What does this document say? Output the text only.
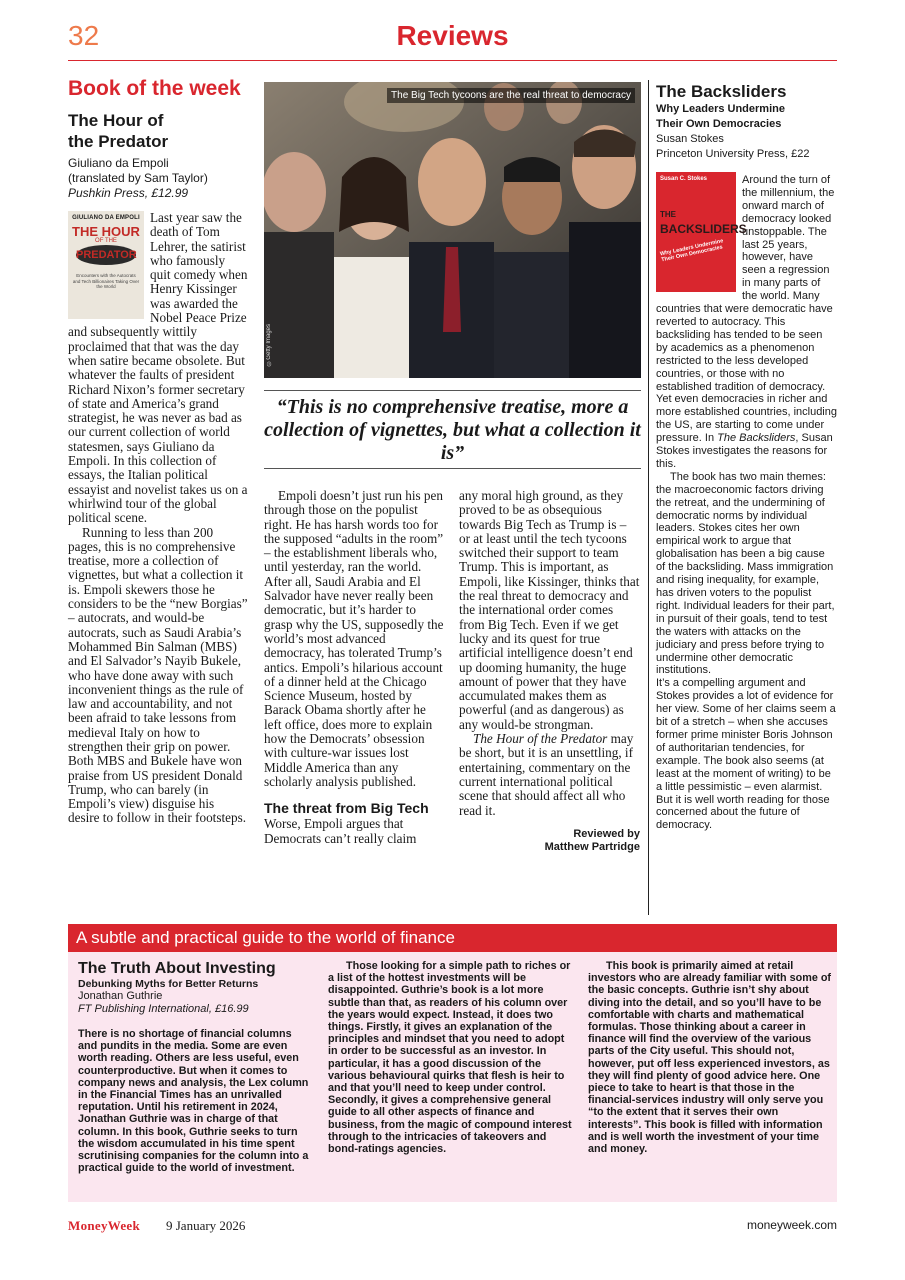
32	Reviews
Book of the week
The Hour of
the Predator
Giuliano da Empoli
(translated by Sam Taylor)
Pushkin Press, £12.99
GIULIANO DA EMPOLI
THE HOUR
OF THE
PREDATOR
Encounters with the Autocrats and Tech Billionaires Taking Over the World

Last year saw the death of Tom Lehrer, the satirist who famously quit comedy when Henry Kissinger was awarded the Nobel Peace Prize and subsequently wittily proclaimed that that was the day when satire became obsolete. But whatever the faults of president Richard Nixon’s former secretary of state and America’s grand strategist, he was never as bad as our current collection of world statesmen, says Giuliano da Empoli. In this collection of essays, the Italian political essayist and novelist takes us on a whirlwind tour of the global political scene.

Running to less than 200 pages, this is no comprehensive treatise, more a collection of vignettes, but what a collection it is. Empoli skewers those he considers to be the “new Borgias” – autocrats, and would-be autocrats, such as Saudi Arabia’s Mohammed Bin Salman (MBS) and El Salvador’s Nayib Bukele, who have done away with such inconvenient things as the rule of law and accountability, and not been afraid to take lessons from medieval Italy on how to strengthen their grip on power. Both MBS and Bukele have won praise from US president Donald Trump, who can barely (in Empoli’s view) disguise his desire to follow in their footsteps.

The Big Tech tycoons are the real threat to democracy
©Getty Images
“This is no comprehensive treatise, more a collection of vignettes, but what a collection it is”

Empoli doesn’t just run his pen through those on the populist right. He has harsh words too for the supposed “adults in the room” – the establishment liberals who, until yesterday, ran the world. After all, Saudi Arabia and El Salvador have never really been democratic, but it’s harder to grasp why the US, supposedly the world’s most advanced democracy, has tolerated Trump’s antics. Empoli’s hilarious account of a dinner held at the Chicago Science Museum, hosted by Barack Obama shortly after he left office, does more to explain how the Democrats’ obsession with culture-war issues lost Middle America than any scholarly analysis published.

The threat from Big Tech

Worse, Empoli argues that Democrats can’t really claim

any moral high ground, as they proved to be as obsequious towards Big Tech as Trump is – or at least until the tech tycoons switched their support to team Trump. This is important, as Empoli, like Kissinger, thinks that the real threat to democracy and the international order comes from Big Tech. Even if we get lucky and its quest for true artificial intelligence doesn’t end up dooming humanity, the huge amount of power that they have accumulated makes them as powerful (and as dangerous) as any would-be strongman.

The Hour of the Predator may be short, but it is an unsettling, if entertaining, commentary on the current international political scene that should affect all who read it.

Reviewed by
Matthew Partridge
The Backsliders
Why Leaders Undermine
Their Own Democracies
Susan Stokes
Princeton University Press, £22
Susan C. Stokes
THE
BACKSLIDERS
Why Leaders Undermine Their Own Democracies

Around the turn of the millennium, the onward march of democracy looked unstoppable. The last 25 years, however, have seen a regression in many parts of the world. Many countries that were democratic have reverted to autocracy. This backsliding has tended to be seen by academics as a phenomenon restricted to the less developed countries, or those with no established tradition of democracy. Yet even democracies in richer and more established countries, including the US, are starting to come under pressure. In The Backsliders, Susan Stokes investigates the reasons for this.

The book has two main themes: the macroeconomic factors driving the retreat, and the undermining of democratic norms by individual leaders. Stokes cites her own empirical work to argue that globalisation has been a big cause of the backsliding. Mass immigration and rising inequality, for example, has driven voters to the populist right. Individual leaders for their part, in pursuit of their goals, tend to test the waters with attacks on the judiciary and press before trying to undermine other democratic institutions.

It’s a compelling argument and Stokes provides a lot of evidence for her view. Some of her claims seem a bit of a stretch – when she accuses former prime minister Boris Johnson of authoritarian tendencies, for example. The book also seems (at least at the moment of writing) to be a little pessimistic – even alarmist.

But it is well worth reading for those concerned about the future of democracy.

A subtle and practical guide to the world of finance
The Truth About Investing
Debunking Myths for Better Returns
Jonathan Guthrie
FT Publishing International, £16.99
There is no shortage of financial columns and pundits in the media. Some are even worth reading. Others are less useful, even counterproductive. But when it comes to company news and analysis, the Lex column in the Financial Times has an unrivalled reputation. Until his retirement in 2024, Jonathan Guthrie was in charge of that column. In this book, Guthrie seeks to turn the wisdom accumulated in his time spent scrutinising companies for the column into a practical guide to the world of investment.
Those looking for a simple path to riches or a list of the hottest investments will be disappointed. Guthrie’s book is a lot more subtle than that, as readers of his column over the years would expect. Instead, it does two things. Firstly, it gives an explanation of the principles and mindset that you need to adopt in order to be successful as an investor. In particular, it has a good discussion of the various behavioural quirks that flesh is heir to and that you’ll need to keep under control. Secondly, it gives a comprehensive general guide to all other aspects of finance and business, from the magic of compound interest through to the intricacies of takeovers and bond-ratings agencies.
This book is primarily aimed at retail investors who are already familiar with some of the basic concepts. Guthrie isn’t shy about diving into the detail, and so you’ll have to be comfortable with charts and mathematical formulas. Those thinking about a career in finance will find the overview of the various parts of the City useful. This should not, however, put off less experienced investors, as they will find plenty of good advice here. One piece to take to heart is that those in the financial-services industry will only serve you “to the extent that it serves their own interests”. This book is filled with information and is well worth the investment of your time and money.
MoneyWeek 9 January 2026	moneyweek.com
